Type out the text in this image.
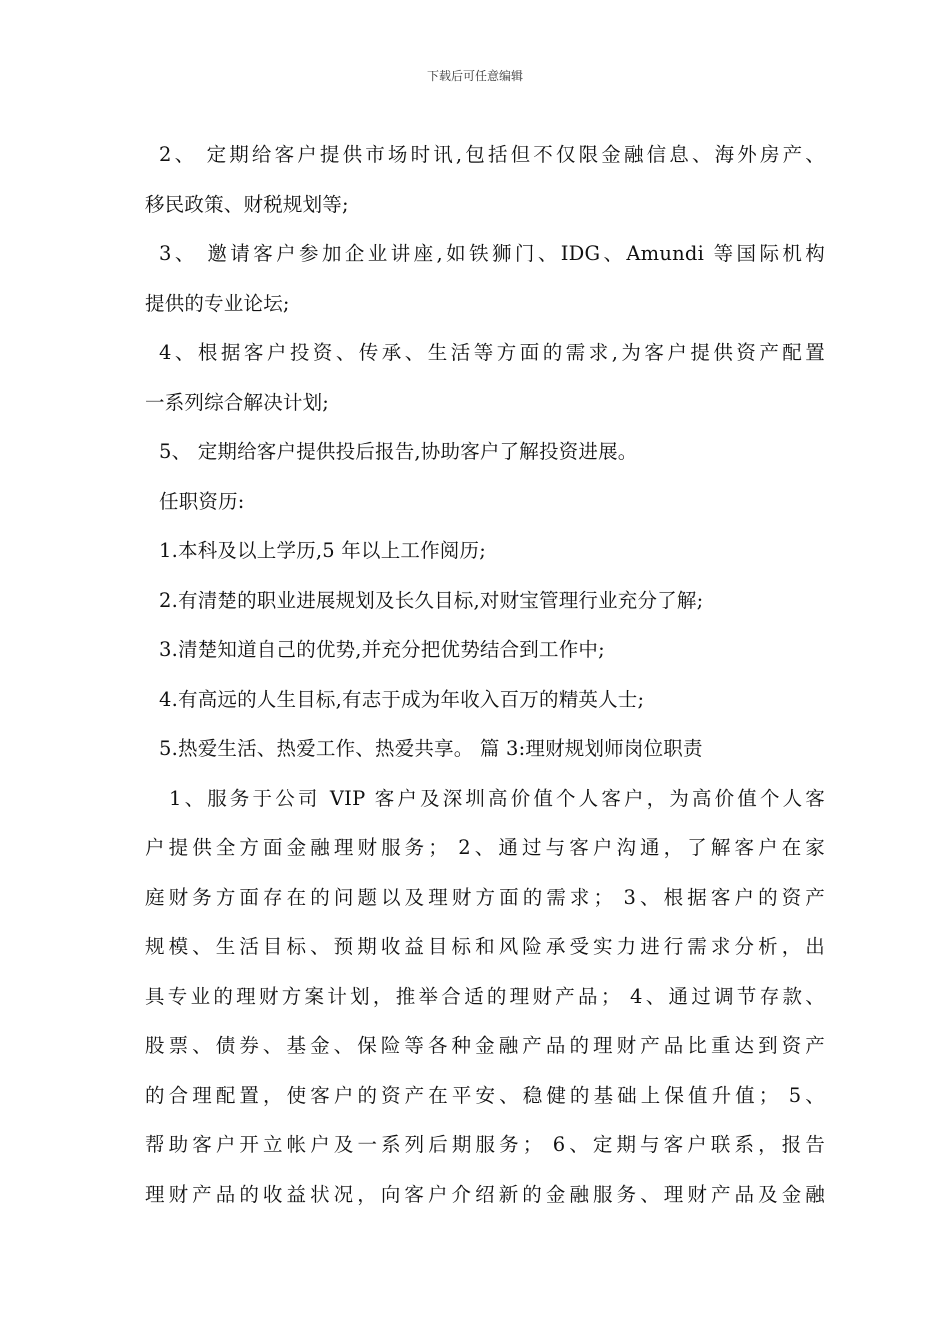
下载后可任意编辑
2、 定期给客户提供市场时讯,包括但不仅限金融信息、海外房产、
移民政策、财税规划等;
3、 邀请客户参加企业讲座,如铁狮门、IDG、Amundi 等国际机构
提供的专业论坛;
4、根据客户投资、传承、生活等方面的需求,为客户提供资产配置
一系列综合解决计划;
5、 定期给客户提供投后报告,协助客户了解投资进展。
任职资历:
1.本科及以上学历,5 年以上工作阅历;
2.有清楚的职业进展规划及长久目标,对财宝管理行业充分了解;
3.清楚知道自己的优势,并充分把优势结合到工作中;
4.有高远的人生目标,有志于成为年收入百万的精英人士;
5.热爱生活、热爱工作、热爱共享。 篇 3:理财规划师岗位职责
1、服务于公司 VIP 客户及深圳高价值个人客户，为高价值个人客
户提供全方面金融理财服务； 2、通过与客户沟通，了解客户在家
庭财务方面存在的问题以及理财方面的需求； 3、根据客户的资产
规模、生活目标、预期收益目标和风险承受实力进行需求分析，出
具专业的理财方案计划，推举合适的理财产品； 4、通过调节存款、
股票、债券、基金、保险等各种金融产品的理财产品比重达到资产
的合理配置，使客户的资产在平安、稳健的基础上保值升值； 5、
帮助客户开立帐户及一系列后期服务； 6、定期与客户联系，报告
理财产品的收益状况，向客户介绍新的金融服务、理财产品及金融
